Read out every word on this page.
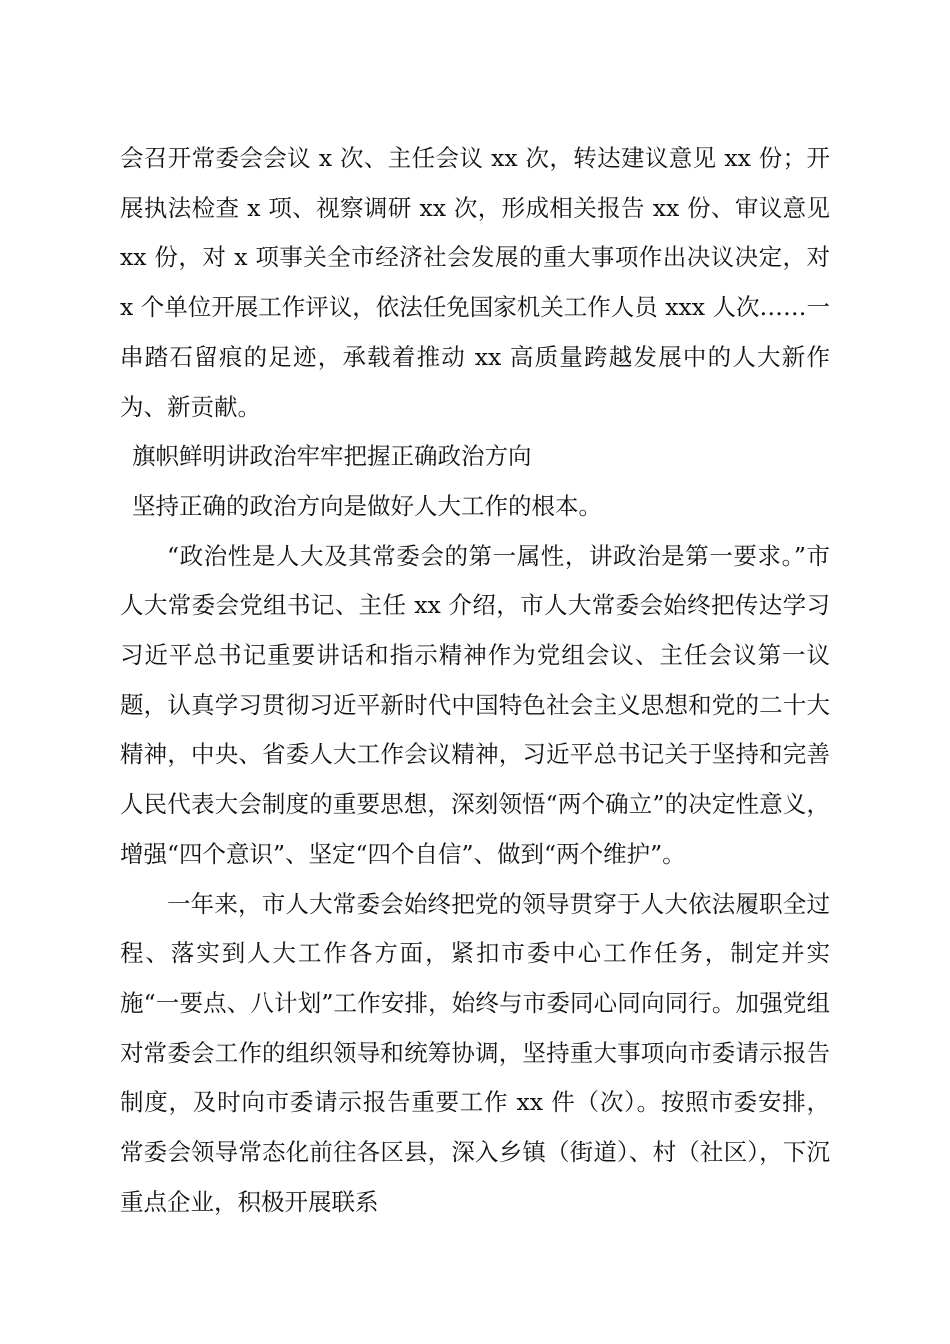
会召开常委会会议 x 次、主任会议 xx 次，转达建议意见 xx 份；开展执法检查 x 项、视察调研 xx 次，形成相关报告 xx 份、审议意见 xx 份，对 x 项事关全市经济社会发展的重大事项作出决议决定，对 x 个单位开展工作评议，依法任免国家机关工作人员 xxx 人次……一串踏石留痕的足迹，承载着推动 xx 高质量跨越发展中的人大新作为、新贡献。

旗帜鲜明讲政治牢牢把握正确政治方向

坚持正确的政治方向是做好人大工作的根本。

“政治性是人大及其常委会的第一属性，讲政治是第一要求。”市人大常委会党组书记、主任 xx 介绍，市人大常委会始终把传达学习习近平总书记重要讲话和指示精神作为党组会议、主任会议第一议题，认真学习贯彻习近平新时代中国特色社会主义思想和党的二十大精神，中央、省委人大工作会议精神，习近平总书记关于坚持和完善人民代表大会制度的重要思想，深刻领悟“两个确立”的决定性意义，增强“四个意识”、坚定“四个自信”、做到“两个维护”。

一年来，市人大常委会始终把党的领导贯穿于人大依法履职全过程、落实到人大工作各方面，紧扣市委中心工作任务，制定并实施“一要点、八计划”工作安排，始终与市委同心同向同行。加强党组对常委会工作的组织领导和统筹协调，坚持重大事项向市委请示报告制度，及时向市委请示报告重要工作 xx 件（次）。按照市委安排，常委会领导常态化前往各区县，深入乡镇（街道）、村（社区），下沉重点企业，积极开展联系
